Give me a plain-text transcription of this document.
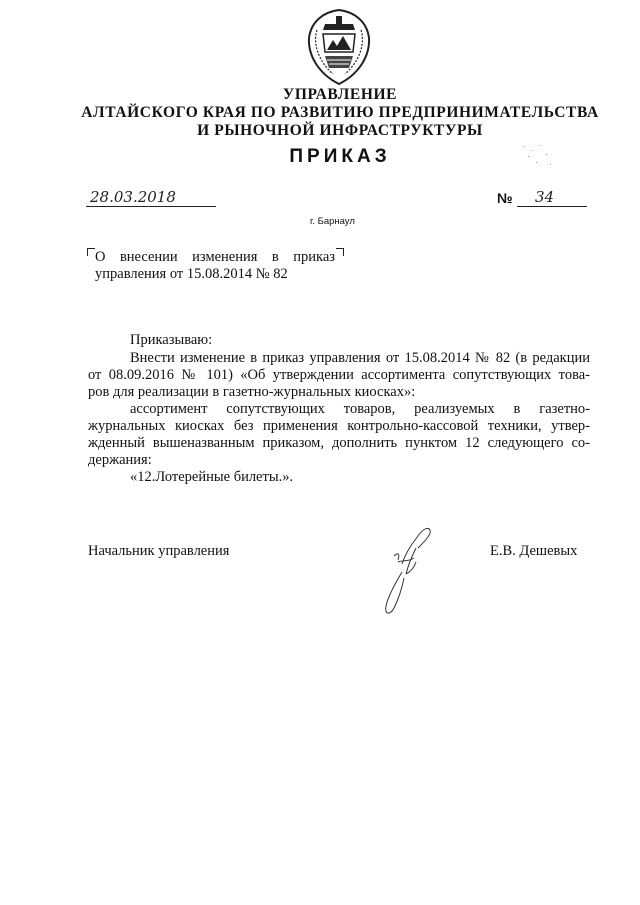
УПРАВЛЕНИЕ
АЛТАЙСКОГО КРАЯ ПО РАЗВИТИЮ ПРЕДПРИНИМАТЕЛЬСТВА
И РЫНОЧНОЙ ИНФРАСТРУКТУРЫ
ПРИКАЗ
28.03.2018	№ 34
г. Барнаул
О внесении изменения в приказ
управления от 15.08.2014 № 82
Приказываю:
Внести изменение в приказ управления от 15.08.2014 № 82 (в редакции
от 08.09.2016 № 101) «Об утверждении ассортимента сопутствующих това-
ров для реализации в газетно-журнальных киосках»:
ассортимент сопутствующих товаров, реализуемых в газетно-
журнальных киосках без применения контрольно-кассовой техники, утвер-
жденный вышеназванным приказом, дополнить пунктом 12 следующего со-
держания:
«12.Лотерейные билеты.».
Начальник управления	Е.В. Дешевых
